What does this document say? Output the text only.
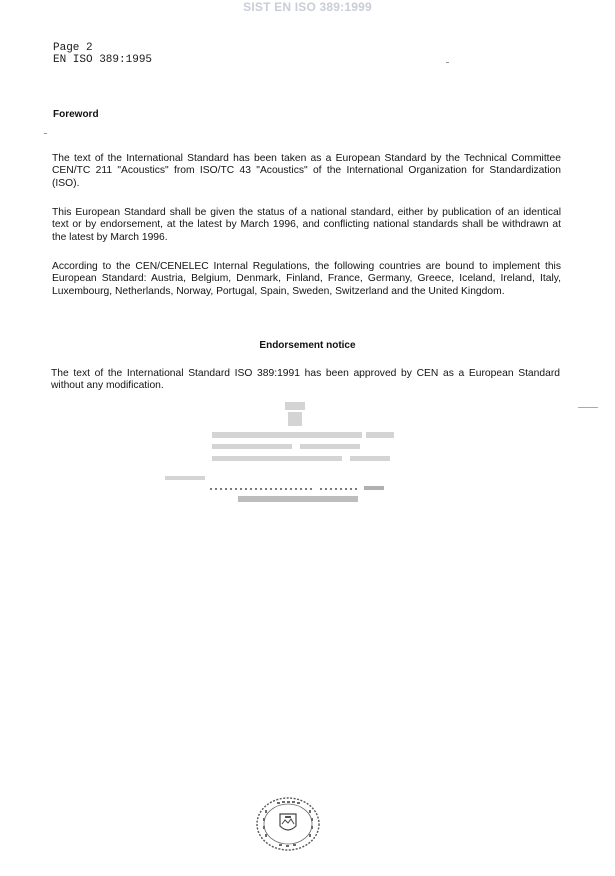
SIST EN ISO 389:1999
Page 2
EN ISO 389:1995
Foreword
The text of the International Standard has been taken as a European Standard by the Technical Committee CEN/TC 211 "Acoustics" from ISO/TC 43 "Acoustics" of the International Organization for Standardization (ISO).
This European Standard shall be given the status of a national standard, either by publication of an identical text or by endorsement, at the latest by March 1996, and conflicting national standards shall be withdrawn at the latest by March 1996.
According to the CEN/CENELEC Internal Regulations, the following countries are bound to implement this European Standard: Austria, Belgium, Denmark, Finland, France, Germany, Greece, Iceland, Ireland, Italy, Luxembourg, Netherlands, Norway, Portugal, Spain, Sweden, Switzerland and the United Kingdom.
Endorsement notice
The text of the International Standard ISO 389:1991 has been approved by CEN as a European Standard without any modification.
